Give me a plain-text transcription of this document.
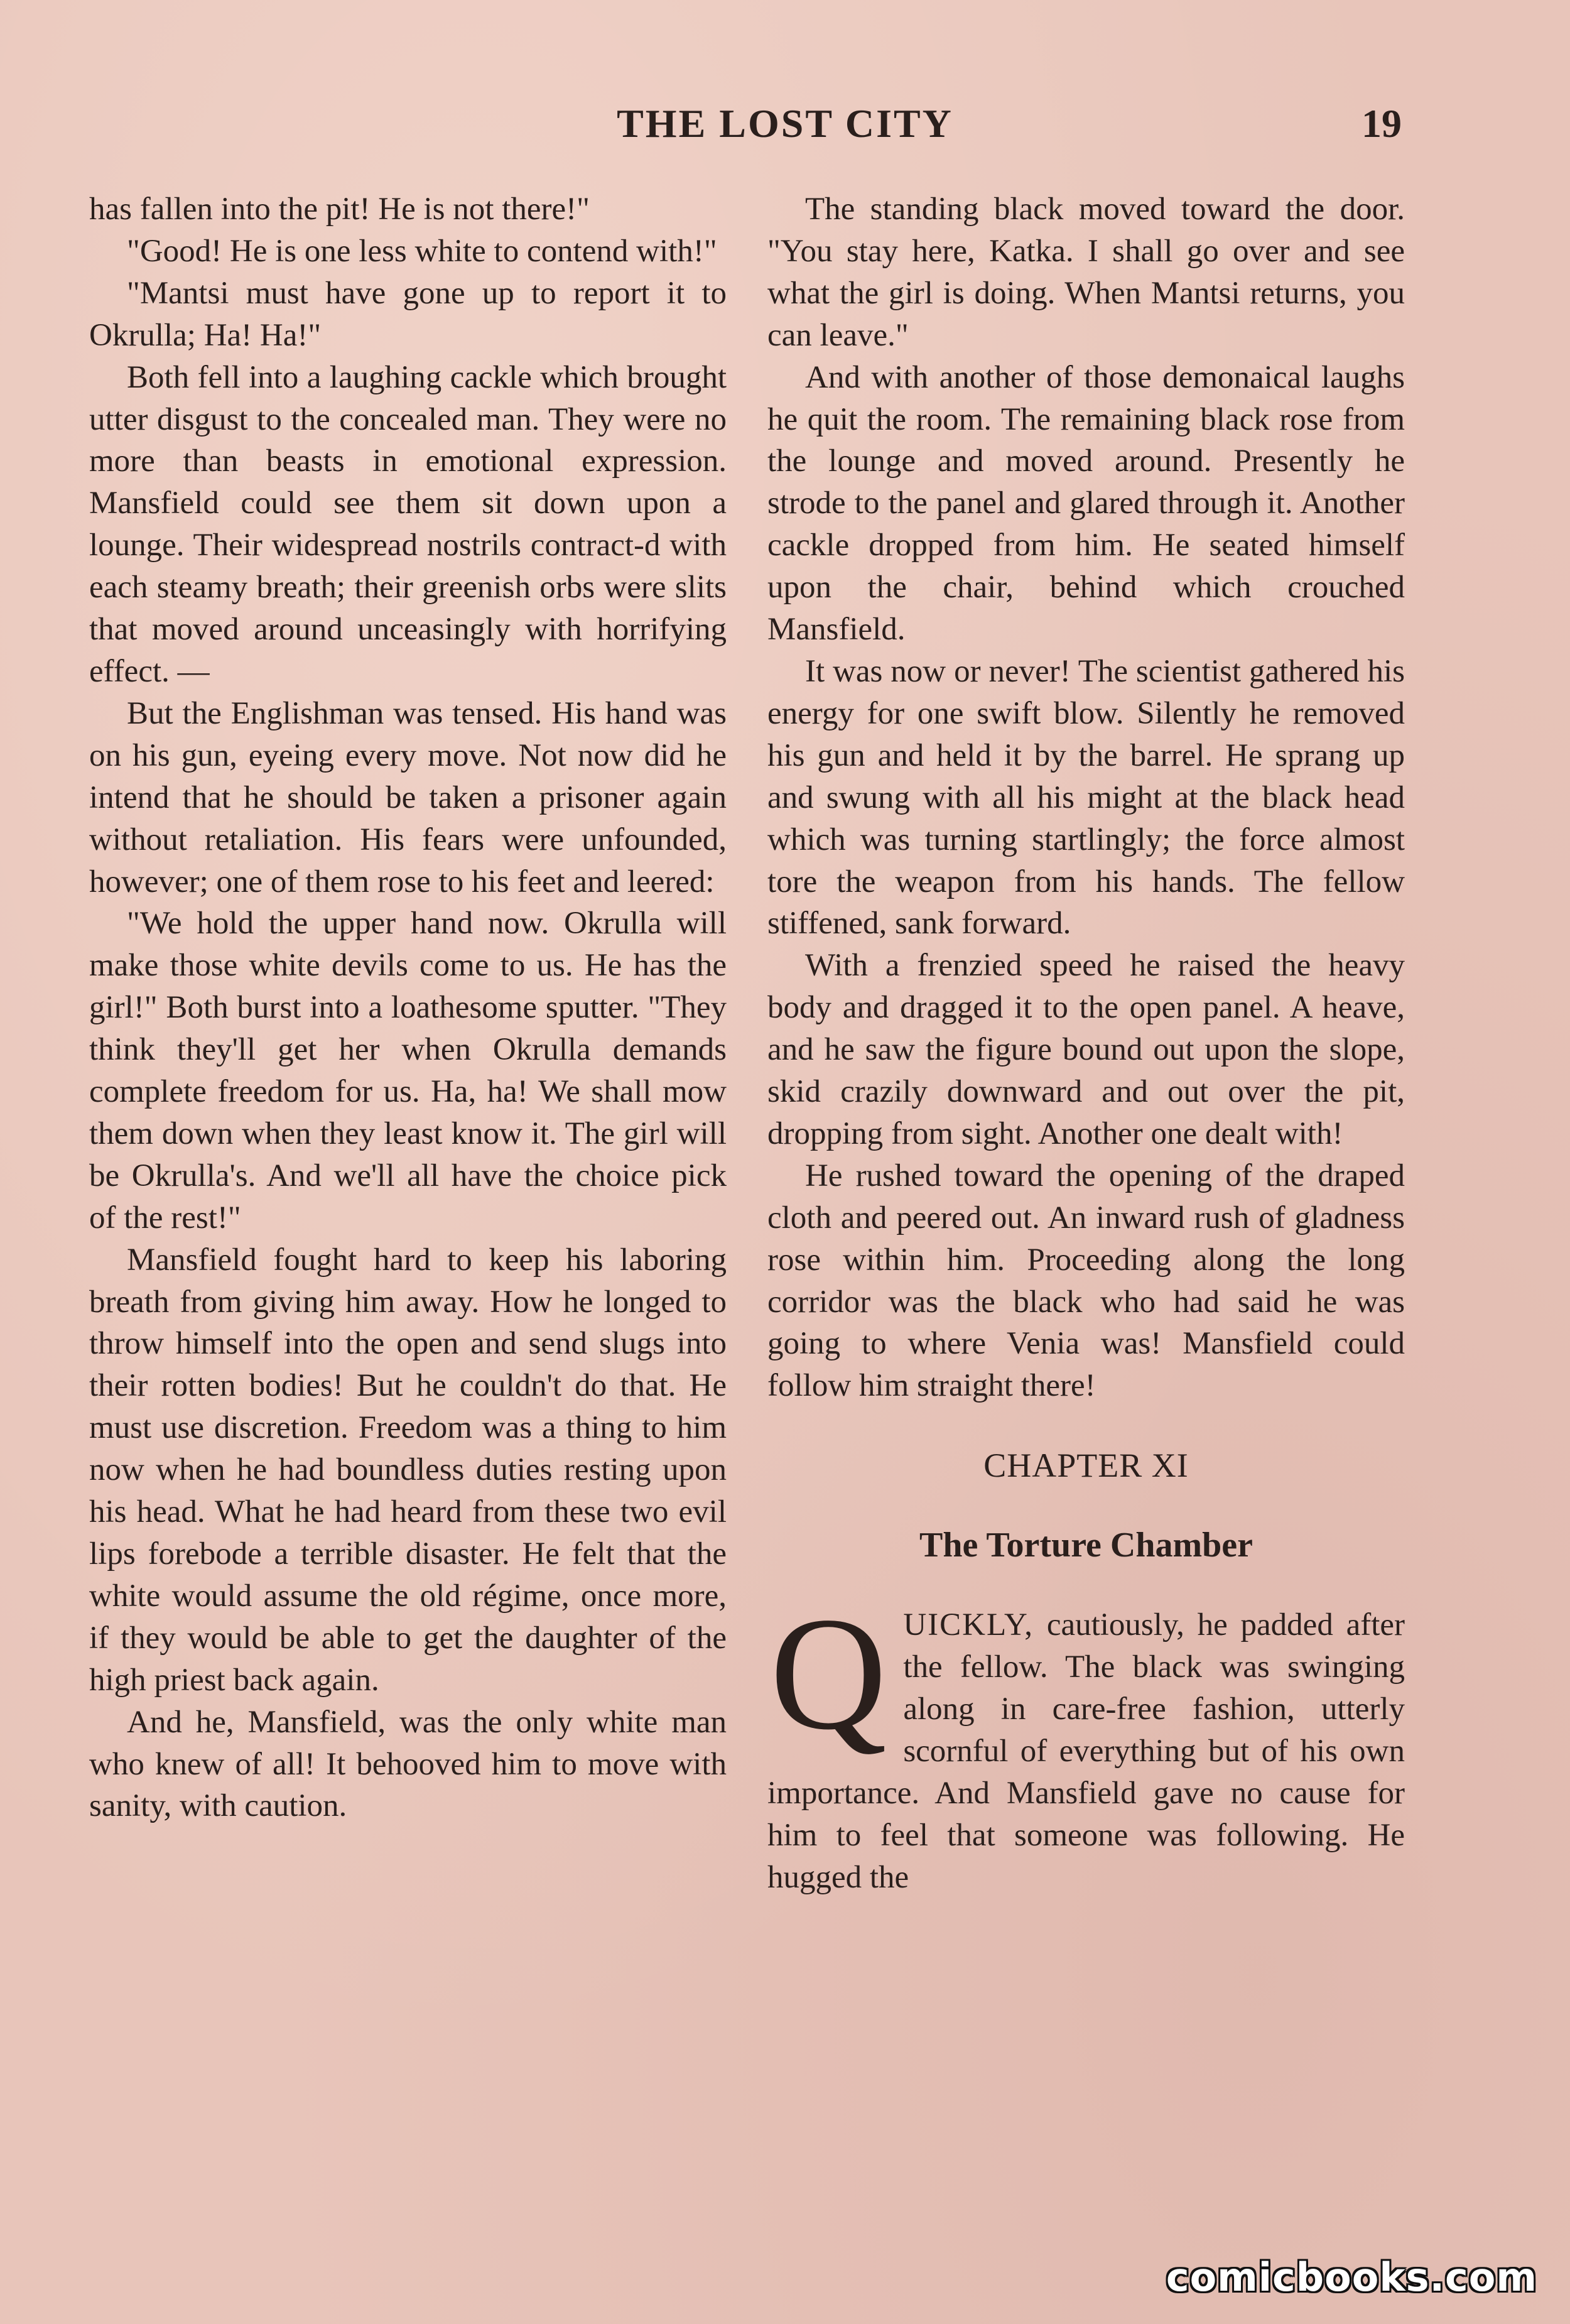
THE LOST CITY	19

has fallen into the pit! He is not there!"

"Good! He is one less white to contend with!"

"Mantsi must have gone up to report it to Okrulla; Ha! Ha!"

Both fell into a laughing cackle which brought utter disgust to the concealed man. They were no more than beasts in emotional expression. Mansfield could see them sit down upon a lounge. Their widespread nostrils contract-d with each steamy breath; their greenish orbs were slits that moved around unceasingly with horrifying effect. —

But the Englishman was tensed. His hand was on his gun, eyeing every move. Not now did he intend that he should be taken a prisoner again without retaliation. His fears were unfounded, however; one of them rose to his feet and leered:

"We hold the upper hand now. Okrulla will make those white devils come to us. He has the girl!" Both burst into a loathesome sputter. "They think they'll get her when Okrulla demands complete freedom for us. Ha, ha! We shall mow them down when they least know it. The girl will be Okrulla's. And we'll all have the choice pick of the rest!"

Mansfield fought hard to keep his laboring breath from giving him away. How he longed to throw himself into the open and send slugs into their rotten bodies! But he couldn't do that. He must use discretion. Freedom was a thing to him now when he had boundless duties resting upon his head. What he had heard from these two evil lips forebode a terrible disaster. He felt that the white would assume the old régime, once more, if they would be able to get the daughter of the high priest back again.

And he, Mansfield, was the only white man who knew of all! It behooved him to move with sanity, with caution.

The standing black moved toward the door. "You stay here, Katka. I shall go over and see what the girl is doing. When Mantsi returns, you can leave."

And with another of those demonaical laughs he quit the room. The remaining black rose from the lounge and moved around. Presently he strode to the panel and glared through it. Another cackle dropped from him. He seated himself upon the chair, behind which crouched Mansfield.

It was now or never! The scientist gathered his energy for one swift blow. Silently he removed his gun and held it by the barrel. He sprang up and swung with all his might at the black head which was turning startlingly; the force almost tore the weapon from his hands. The fellow stiffened, sank forward.

With a frenzied speed he raised the heavy body and dragged it to the open panel. A heave, and he saw the figure bound out upon the slope, skid crazily downward and out over the pit, dropping from sight. Another one dealt with!

He rushed toward the opening of the draped cloth and peered out. An inward rush of gladness rose within him. Proceeding along the long corridor was the black who had said he was going to where Venia was! Mansfield could follow him straight there!

CHAPTER XI

The Torture Chamber

QUICKLY, cautiously, he padded after the fellow. The black was swinging along in care-free fashion, utterly scornful of everything but of his own importance. And Mansfield gave no cause for him to feel that someone was following. He hugged the

comicbooks.com
